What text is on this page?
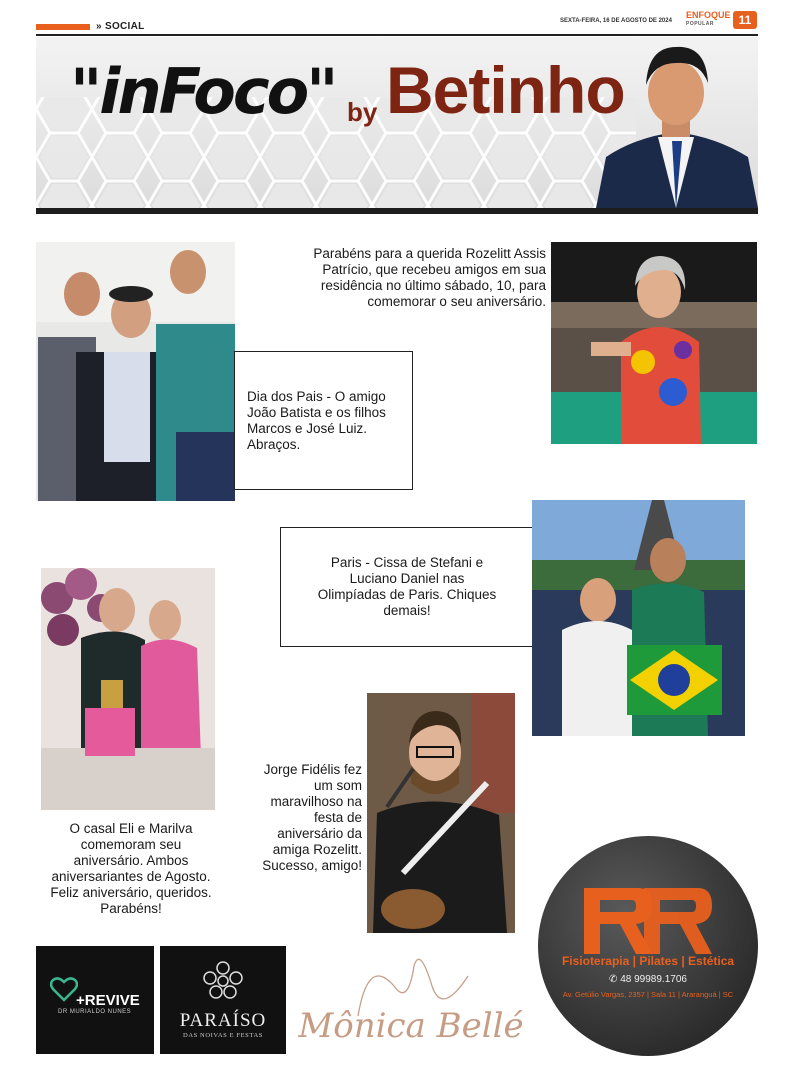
» SOCIAL	SEXTA-FEIRA, 16 DE AGOSTO DE 2024
ENFOQUE
POPULAR	11
"inFoco" by Betinho
Dia dos Pais - O amigo João Batista e os filhos Marcos e José Luiz. Abraços.
Parabéns para a querida Rozelitt Assis Patrício, que recebeu amigos em sua residência no último sábado, 10, para comemorar o seu aniversário.
Paris - Cissa de Stefani e Luciano Daniel nas Olimpíadas de Paris. Chiques demais!
O casal Eli e Marilva comemoram seu aniversário. Ambos aniversariantes de Agosto. Feliz aniversário, queridos. Parabéns!
Jorge Fidélis fez um som maravilhoso na festa de aniversário da amiga Rozelitt. Sucesso, amigo!
+REVIVE
DR MURIALDO NUNES	PARAÍSO
DAS NOIVAS E FESTAS	Mônica Bellé
Fisioterapia | Pilates | Estética
✆ 48 99989.1706
Av. Getúlio Vargas, 2357 | Sala 11 | Araranguá | SC
